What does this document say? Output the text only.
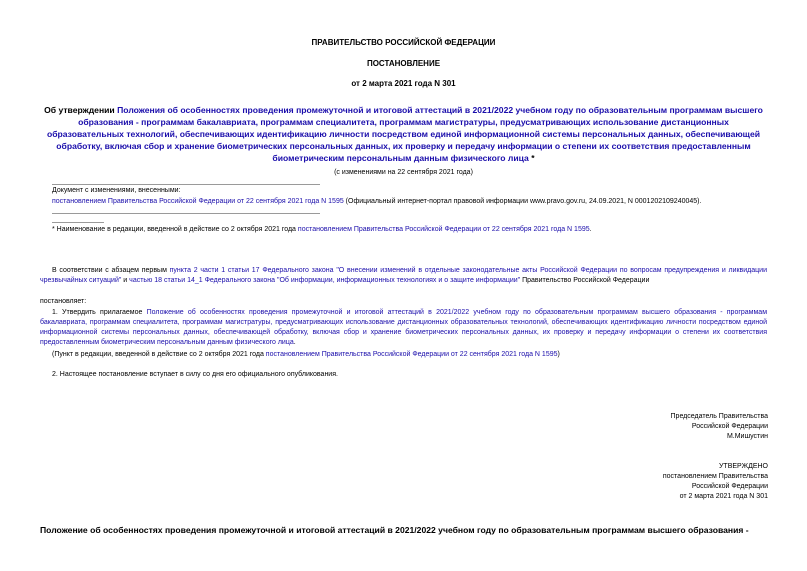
ПРАВИТЕЛЬСТВО РОССИЙСКОЙ ФЕДЕРАЦИИ
ПОСТАНОВЛЕНИЕ
от 2 марта 2021 года N 301
Об утверждении Положения об особенностях проведения промежуточной и итоговой аттестаций в 2021/2022 учебном году по образовательным программам высшего образования - программам бакалавриата, программам специалитета, программам магистратуры, предусматривающих использование дистанционных образовательных технологий, обеспечивающих идентификацию личности посредством единой информационной системы персональных данных, обеспечивающей обработку, включая сбор и хранение биометрических персональных данных, их проверку и передачу информации о степени их соответствия предоставленным биометрическим персональным данным физического лица *
(с изменениями на 22 сентября 2021 года)
Документ с изменениями, внесенными:
постановлением Правительства Российской Федерации от 22 сентября 2021 года N 1595 (Официальный интернет-портал правовой информации www.pravo.gov.ru, 24.09.2021, N 0001202109240045).
* Наименование в редакции, введенной в действие со 2 октября 2021 года постановлением Правительства Российской Федерации от 22 сентября 2021 года N 1595.
В соответствии с абзацем первым пункта 2 части 1 статьи 17 Федерального закона "О внесении изменений в отдельные законодательные акты Российской Федерации по вопросам предупреждения и ликвидации чрезвычайных ситуаций" и частью 18 статьи 14_1 Федерального закона "Об информации, информационных технологиях и о защите информации" Правительство Российской Федерации
постановляет:
1. Утвердить прилагаемое Положение об особенностях проведения промежуточной и итоговой аттестаций в 2021/2022 учебном году по образовательным программам высшего образования - программам бакалавриата, программам специалитета, программам магистратуры, предусматривающих использование дистанционных образовательных технологий, обеспечивающих идентификацию личности посредством единой информационной системы персональных данных, обеспечивающей обработку, включая сбор и хранение биометрических персональных данных, их проверку и передачу информации о степени их соответствия предоставленным биометрическим персональным данным физического лица.
(Пункт в редакции, введенной в действие со 2 октября 2021 года постановлением Правительства Российской Федерации от 22 сентября 2021 года N 1595)
2. Настоящее постановление вступает в силу со дня его официального опубликования.
Председатель Правительства
Российской Федерации
М.Мишустин
УТВЕРЖДЕНО
постановлением Правительства
Российской Федерации
от 2 марта 2021 года N 301
Положение об особенностях проведения промежуточной и итоговой аттестаций в 2021/2022 учебном году по образовательным программам высшего образования -
